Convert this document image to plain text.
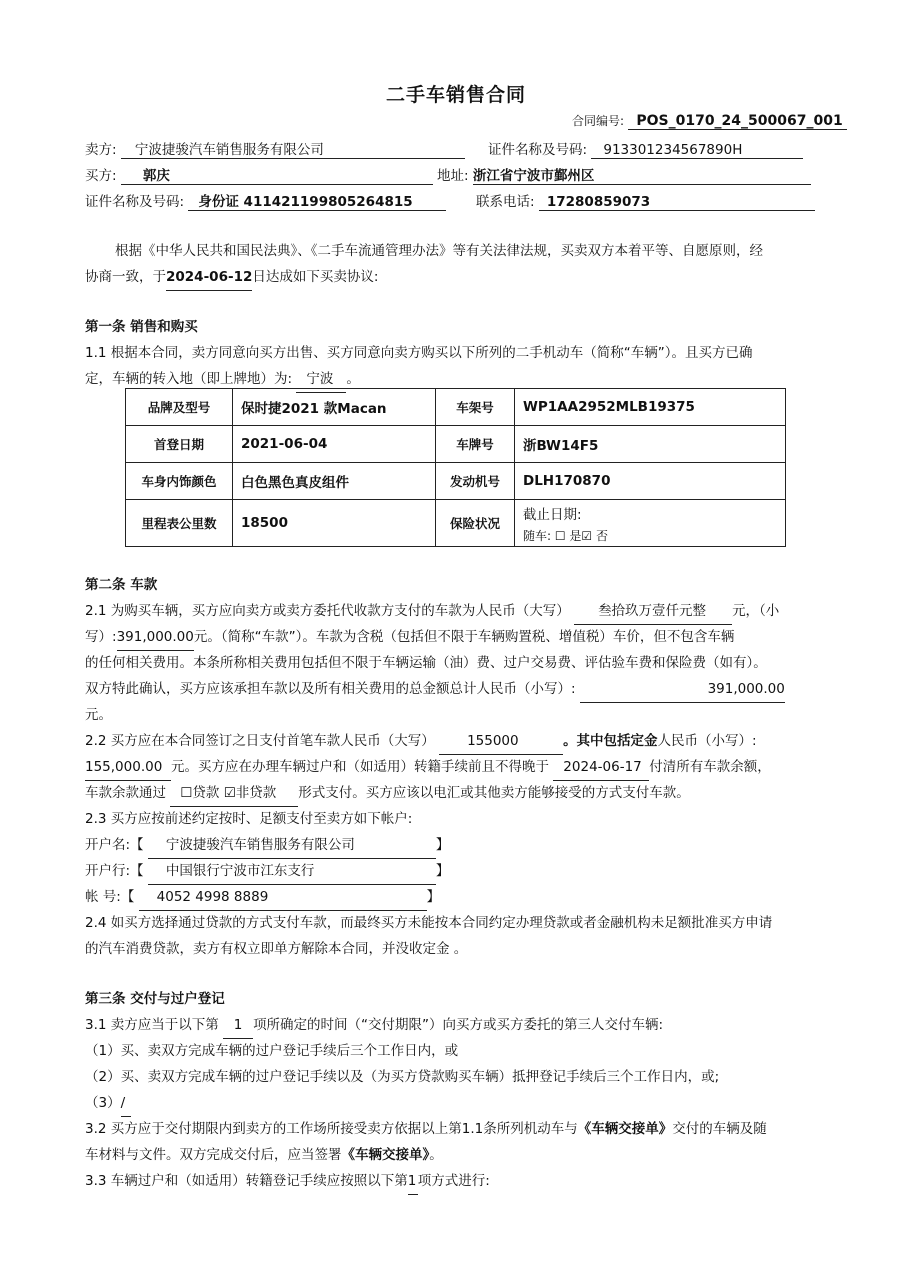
二手车销售合同
合同编号: POS_0170_24_500067_001
卖方: 宁波捷骏汽车销售服务有限公司	证件名称及号码: 913301234567890H
买方: 郭庆	地址: 浙江省宁波市鄞州区
证件名称及号码: 身份证 411421199805264815	联系电话: 17280859073
根据《中华人民共和国民法典》、《二手车流通管理办法》等有关法律法规，买卖双方本着平等、自愿原则，经
协商一致，于2024-06-12日达成如下买卖协议:
第一条 销售和购买
1.1 根据本合同，卖方同意向买方出售、买方同意向卖方购买以下所列的二手机动车（简称“车辆”）。且买方已确
定，车辆的转入地（即上牌地）为: 宁波 。
品牌及型号	保时捷2021 款Macan	车架号	WP1AA2952MLB19375
首登日期	2021-06-04	车牌号	浙BW14F5
车身内饰颜色	白色黑色真皮组件	发动机号	DLH170870
里程表公里数	18500	保险状况	截止日期:
随车: ☐ 是☑ 否
第二条 车款
2.1 为购买车辆，买方应向卖方或卖方委托代收款方支付的车款为人民币（大写） 叁拾玖万壹仟元整 元，（小
写）:391,000.00元。（简称“车款”）。车款为含税（包括但不限于车辆购置税、增值税）车价，但不包含车辆
的任何相关费用。本条所称相关费用包括但不限于车辆运输（油）费、过户交易费、评估验车费和保险费（如有）。
双方特此确认，买方应该承担车款以及所有相关费用的总金额总计人民币（小写）:	391,000.00
元。
2.2 买方应在本合同签订之日支付首笔车款人民币（大写） 155000	。其中包括定金人民币（小写）:
155,000.00 元。买方应在办理车辆过户和（如适用）转籍手续前且不得晚于 2024-06-17 付清所有车款余额，
车款余款通过 ☐贷款 ☑非贷款 形式支付。买方应该以电汇或其他卖方能够接受的方式支付车款。
2.3 买方应按前述约定按时、足额支付至卖方如下帐户:
开户名:【 宁波捷骏汽车销售服务有限公司	】
开户行:【 中国银行宁波市江东支行	】
帐 号:【 4052 4998 8889	】
2.4 如买方选择通过贷款的方式支付车款，而最终买方未能按本合同约定办理贷款或者金融机构未足额批准买方申请
的汽车消费贷款，卖方有权立即单方解除本合同，并没收定金 。
第三条 交付与过户登记
3.1 卖方应当于以下第 1 项所确定的时间（“交付期限”）向买方或买方委托的第三人交付车辆:
（1）买、卖双方完成车辆的过户登记手续后三个工作日内，或
（2）买、卖双方完成车辆的过户登记手续以及（为买方贷款购买车辆）抵押登记手续后三个工作日内，或;
（3）/
3.2 买方应于交付期限内到卖方的工作场所接受卖方依据以上第1.1条所列机动车与《车辆交接单》交付的车辆及随
车材料与文件。双方完成交付后，应当签署《车辆交接单》。
3.3 车辆过户和（如适用）转籍登记手续应按照以下第1项方式进行:
